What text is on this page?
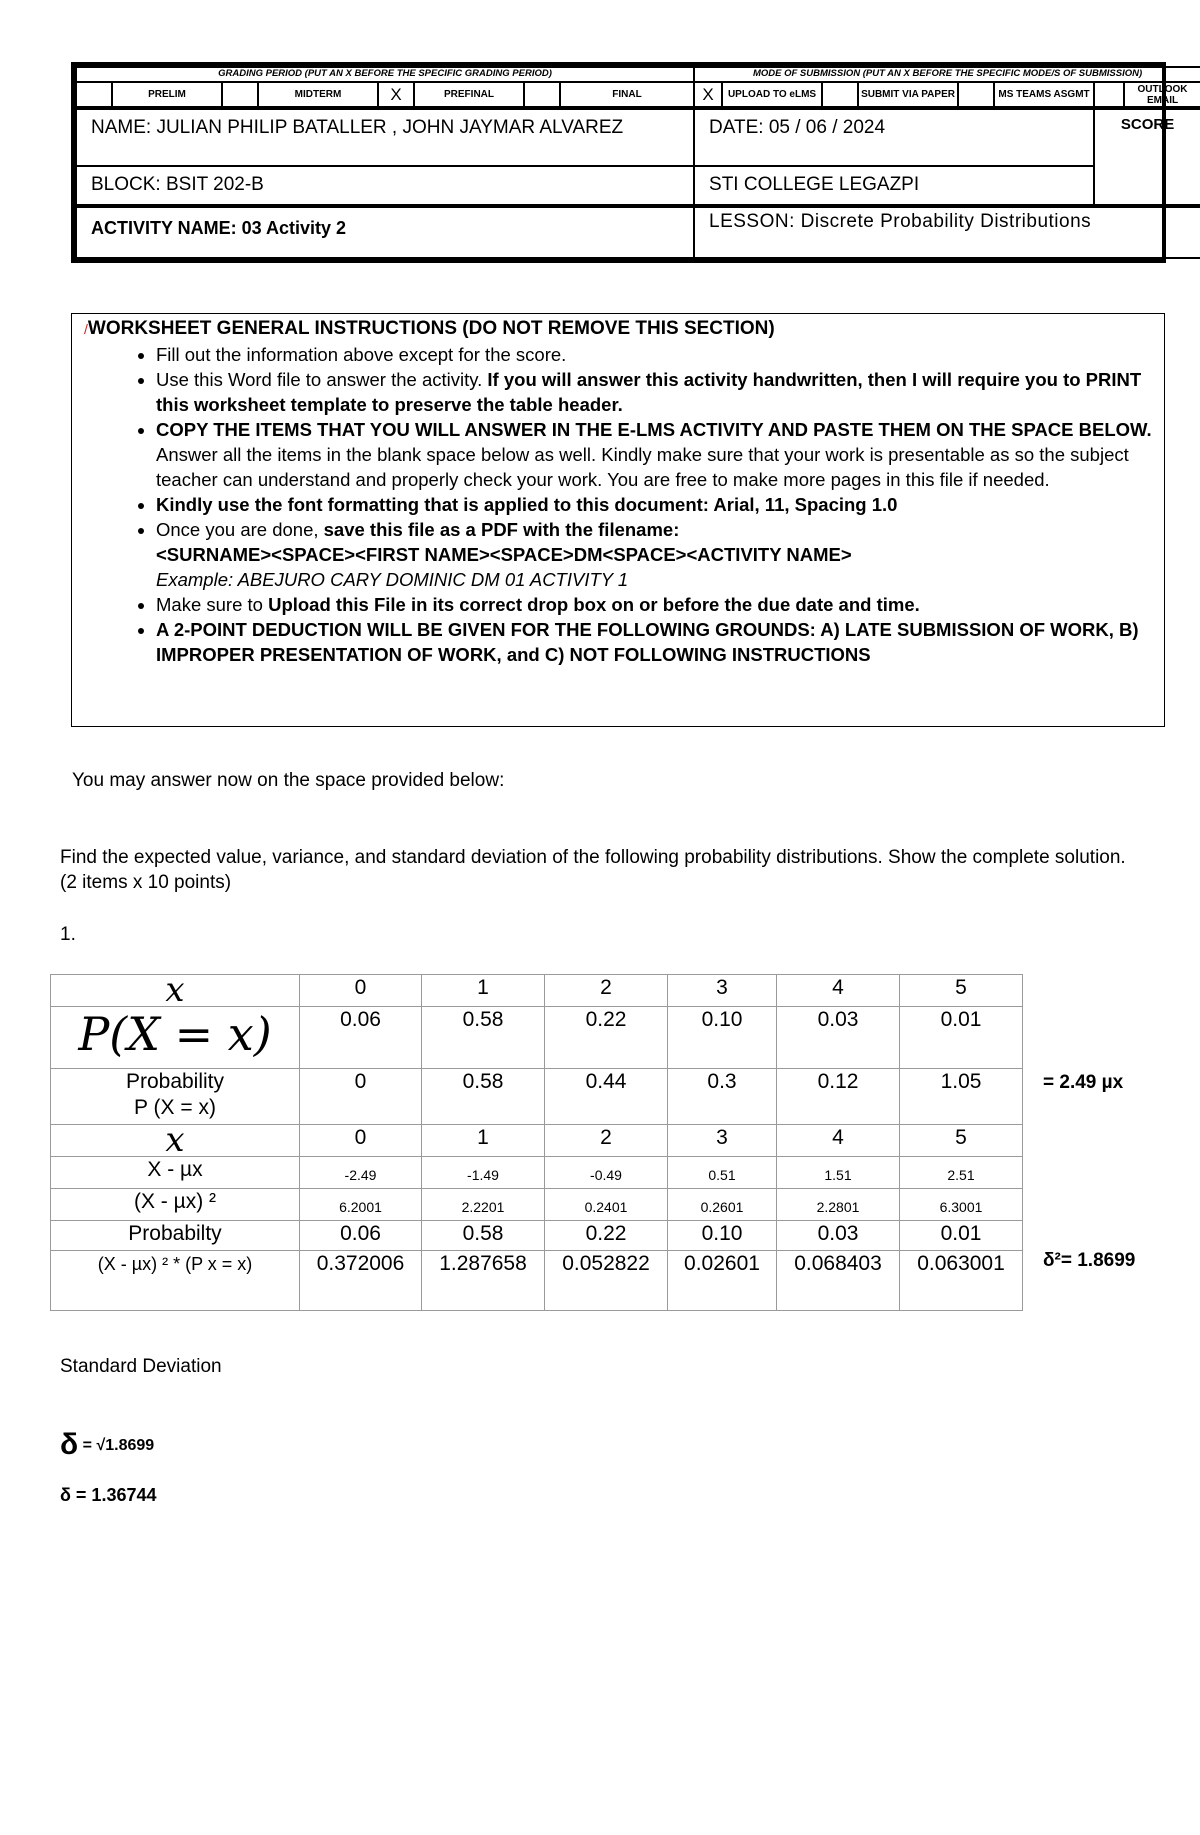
GRADING PERIOD (PUT AN X BEFORE THE SPECIFIC GRADING PERIOD)								MODE OF SUBMISSION (PUT AN X BEFORE THE SPECIFIC MODE/S OF SUBMISSION)							
	PRELIM		MIDTERM	X	PREFINAL		FINAL	X	UPLOAD TO eLMS		SUBMIT VIA PAPER		MS TEAMS ASGMT		OUTLOOK EMAIL
NAME: JULIAN PHILIP BATALLER , JOHN JAYMAR ALVAREZ								DATE: 05 / 06 / 2024						SCORE	
BLOCK: BSIT 202-B								STI COLLEGE LEGAZPI							
ACTIVITY NAME: 03 Activity 2								LESSON: Discrete Probability Distributions							
/WORKSHEET GENERAL INSTRUCTIONS (DO NOT REMOVE THIS SECTION)
• Fill out the information above except for the score.
• Use this Word file to answer the activity. If you will answer this activity handwritten, then I will require you to PRINT this worksheet template to preserve the table header.
• COPY THE ITEMS THAT YOU WILL ANSWER IN THE E-LMS ACTIVITY AND PASTE THEM ON THE SPACE BELOW. Answer all the items in the blank space below as well. Kindly make sure that your work is presentable as so the subject teacher can understand and properly check your work. You are free to make more pages in this file if needed.
• Kindly use the font formatting that is applied to this document: Arial, 11, Spacing 1.0
• Once you are done, save this file as a PDF with the filename:
<SURNAME><SPACE><FIRST NAME><SPACE>DM<SPACE><ACTIVITY NAME>
Example: ABEJURO CARY DOMINIC DM 01 ACTIVITY 1
• Make sure to Upload this File in its correct drop box on or before the due date and time.
• A 2-POINT DEDUCTION WILL BE GIVEN FOR THE FOLLOWING GROUNDS: A) LATE SUBMISSION OF WORK, B) IMPROPER PRESENTATION OF WORK, and C) NOT FOLLOWING INSTRUCTIONS
You may answer now on the space provided below:
Find the expected value, variance, and standard deviation of the following probability distributions. Show the complete solution. (2 items x 10 points)
1.
x	0	1	2	3	4	5
P(X = x)	0.06	0.58	0.22	0.10	0.03	0.01
Probability
P (X = x)	0	0.58	0.44	0.3	0.12	1.05
x	0	1	2	3	4	5
X - µx	-2.49	-1.49	-0.49	0.51	1.51	2.51
(X - µx) ²	6.2001	2.2201	0.2401	0.2601	2.2801	6.3001
Probabilty	0.06	0.58	0.22	0.10	0.03	0.01
(X - µx) ² * (P x = x)	0.372006	1.287658	0.052822	0.02601	0.068403	0.063001

= 2.49 µx
δ²= 1.8699
Standard Deviation
δ $^{= √1.8699}$
δ = 1.36744
